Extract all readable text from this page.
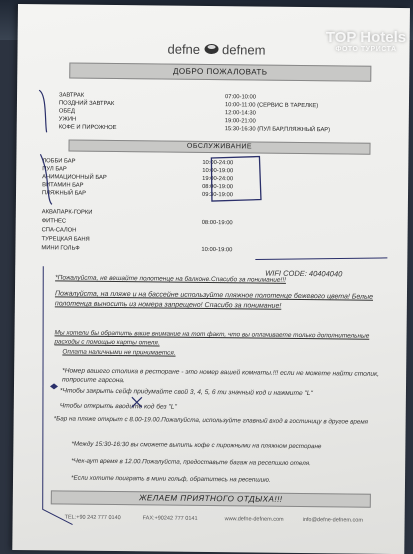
defne defnem
ДОБРО ПОЖАЛОВАТЬ
ЗАВТРАК	07:00-10:00
ПОЗДНИЙ ЗАВТРАК	10:00-11:00 (СЕРВИС В ТАРЕЛКЕ)
ОБЕД	12:00-14:30
УЖИН	19:00-21:00
КОФЕ И ПИРОЖНОЕ	15:30-16:30 (ПУЛ БАР,ПЛЯЖНЫЙ БАР)
ОБСЛУЖИВАНИЕ
ЛОББИ БАР	10:00-24:00
ПУЛ БАР	10:00-19:00
АНИМАЦИОННЫЙ БАР	19:00-24:00
ВИТАМИН БАР	08:00-19:00
ПЛЯЖНЫЙ БАР	09:30-19:00
АКВАПАРК-ГОРКИ
ФИТНЕС	08:00-19:00
СПА-САЛОН
ТУРЕЦКАЯ БАНЯ
МИНИ ГОЛЬФ	10:00-19:00
WIFI CODE: 40404040
*Пожалуйста, не вешайте полотенце на балконе.Спасибо за понимание!!!
Пожалуйста, на пляже и на бассейне используйте пляжное полотенце бежевого цвета! Белые полотенца выносить из номера запрещено! Спасибо за понимание!
Мы хотели бы обратить ваше внимание на тот факт, что вы оплачиваете только дополнительные расходы с помощью карты отеля.
Оплата наличными не принимается.
*Номер вашего столика в ресторане - это номер вашей комнаты.!!! если не можете найти столик, попросите гарсона.
*Чтобы закрыть сейф придумайте свой 3, 4, 5, 6 ти значный код и нажмите "L"
Чтобы открыть вводите код без "L"
*Бар на пляже открыт с 8.00-19.00.Пожалуйста, используйте главный вход в гостиницу в другое время
*Между 15:30-16:30 вы сможете выпить кофе с пирожными на пляжном ресторане
*Чек-аут время в 12.00.Пожалуйста, предоставьте багаж на ресепшию отеля.
*Если хотите поиграть в мини гольф, обратитесь на ресепшию.
ЖЕЛАЕМ ПРИЯТНОГО ОТДЫХА!!!
TEL:+90 242 777 0140	FAX:+90242 777 0141	www.defne-defnem.com	info@defne-defnem.com
TOP Hotels
ФОТО ТУРИСТА
